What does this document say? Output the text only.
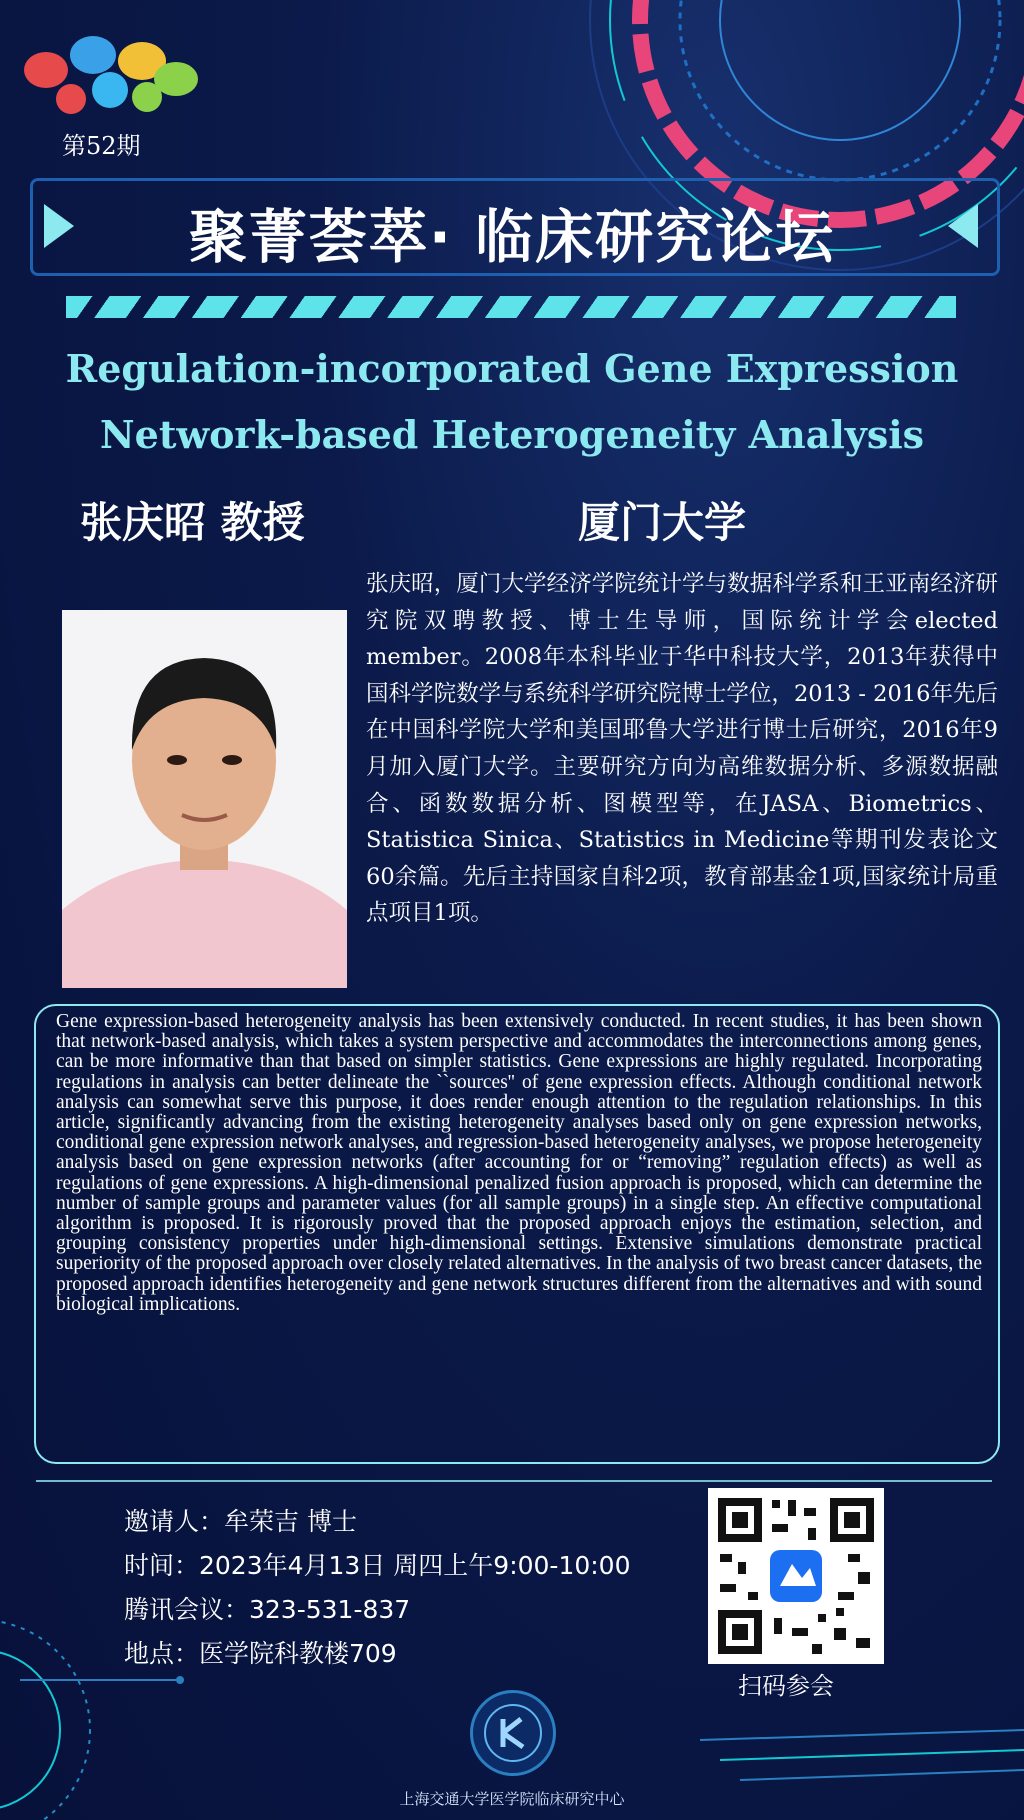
第52期
聚菁荟萃· 临床研究论坛
Regulation-incorporated Gene Expression
Network-based Heterogeneity Analysis
张庆昭 教授	厦门大学
张庆昭，厦门大学经济学院统计学与数据科学系和王亚南经济研究院双聘教授、博士生导师，国际统计学会elected member。2008年本科毕业于华中科技大学，2013年获得中国科学院数学与系统科学研究院博士学位，2013 - 2016年先后在中国科学院大学和美国耶鲁大学进行博士后研究，2016年9月加入厦门大学。主要研究方向为高维数据分析、多源数据融合、函数数据分析、图模型等，在JASA、Biometrics、Statistica Sinica、Statistics in Medicine等期刊发表论文60余篇。先后主持国家自科2项，教育部基金1项,国家统计局重点项目1项。
Gene expression-based heterogeneity analysis has been extensively conducted. In recent studies, it has been shown that network-based analysis, which takes a system perspective and accommodates the interconnections among genes, can be more informative than that based on simpler statistics. Gene expressions are highly regulated. Incorporating regulations in analysis can better delineate the ``sources'' of gene expression effects. Although conditional network analysis can somewhat serve this purpose, it does render enough attention to the regulation relationships. In this article, significantly advancing from the existing heterogeneity analyses based only on gene expression networks, conditional gene expression network analyses, and regression-based heterogeneity analyses, we propose heterogeneity analysis based on gene expression networks (after accounting for or “removing” regulation effects) as well as regulations of gene expressions. A high-dimensional penalized fusion approach is proposed, which can determine the number of sample groups and parameter values (for all sample groups) in a single step. An effective computational algorithm is proposed. It is rigorously proved that the proposed approach enjoys the estimation, selection, and grouping consistency properties under high-dimensional settings. Extensive simulations demonstrate practical superiority of the proposed approach over closely related alternatives. In the analysis of two breast cancer datasets, the proposed approach identifies heterogeneity and gene network structures different from the alternatives and with sound biological implications.
邀请人：牟荣吉 博士
时间：2023年4月13日 周四上午9:00-10:00
腾讯会议：323-531-837
地点：医学院科教楼709
扫码参会
上海交通大学医学院临床研究中心
